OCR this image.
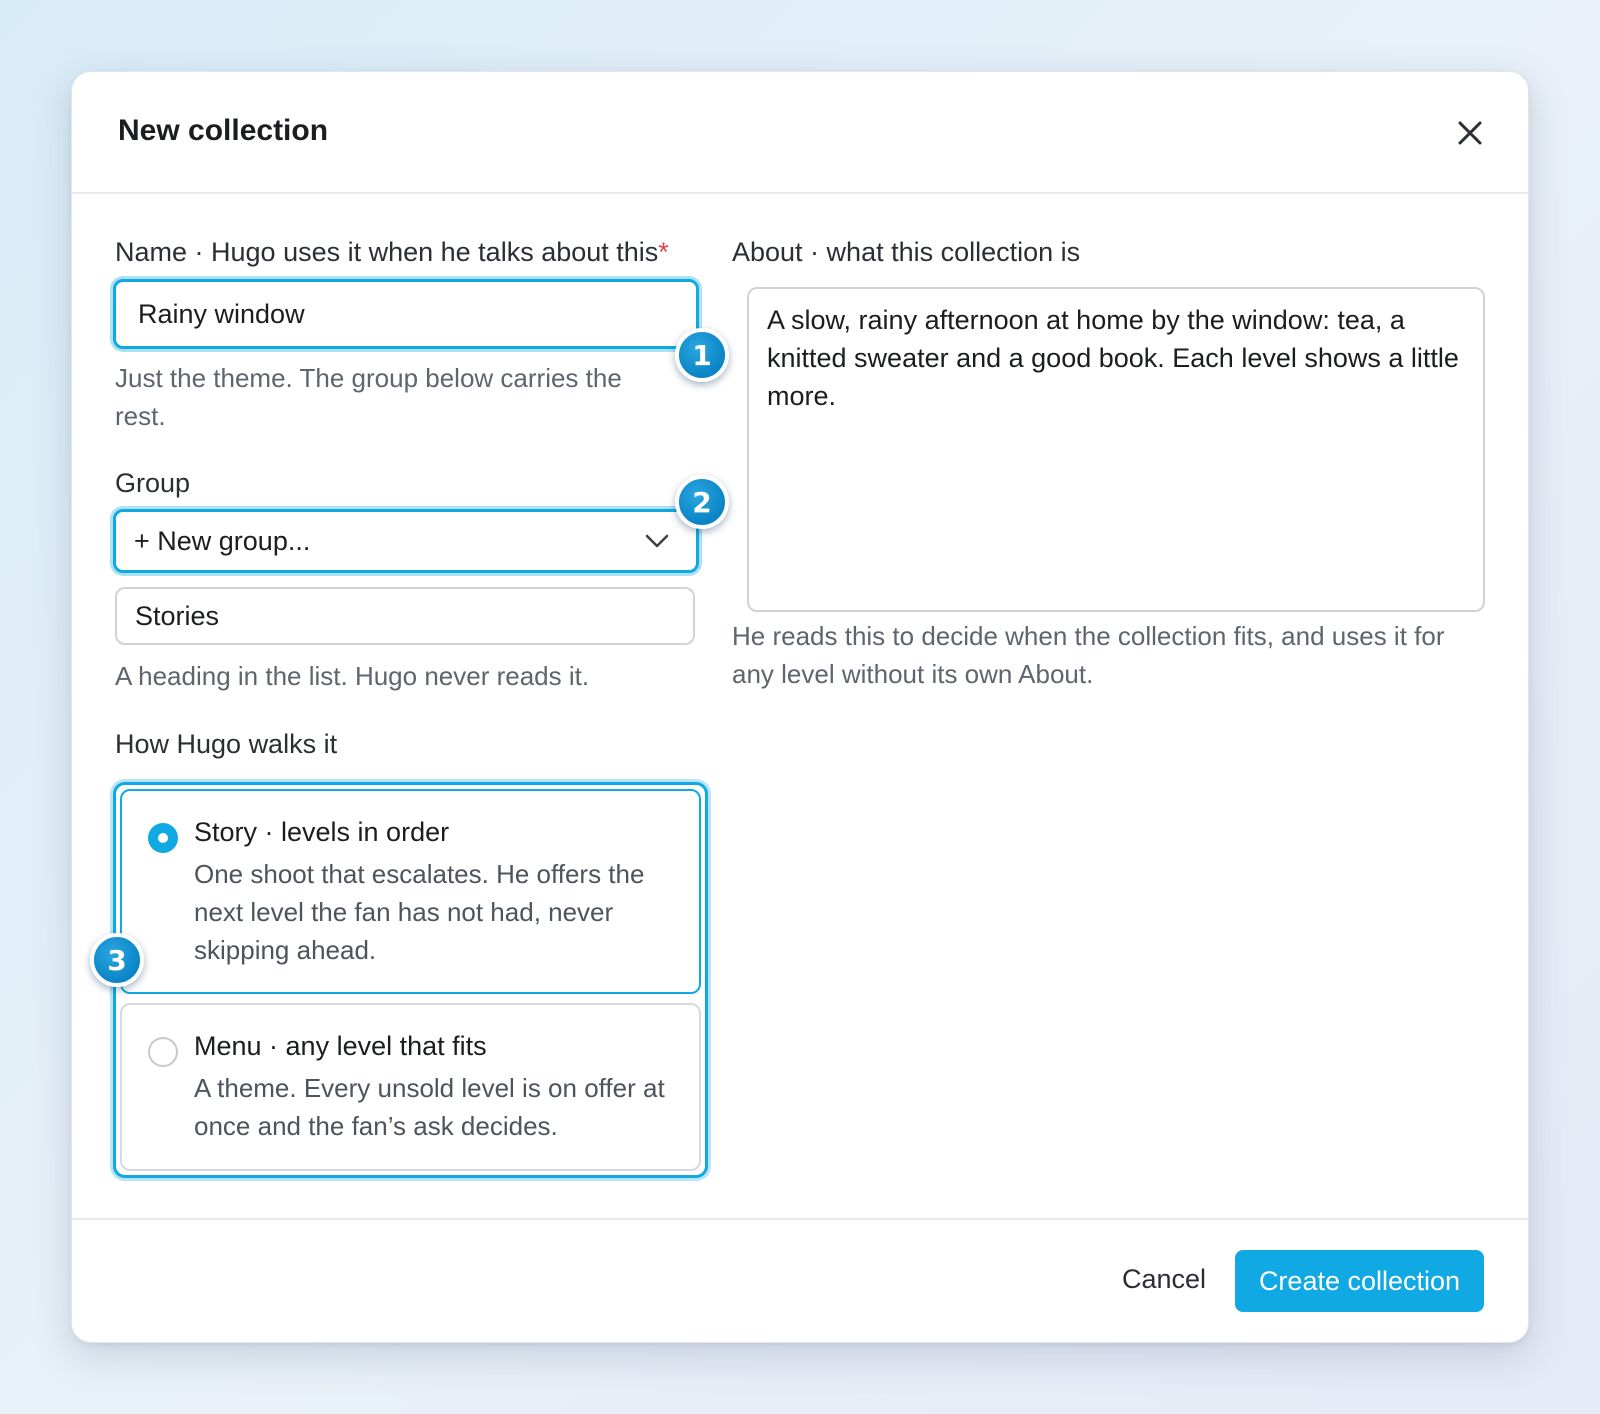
New collection
Name · Hugo uses it when he talks about this*
Rainy window
Just the theme. The group below carries the rest.
Group
+ New group...
Stories
A heading in the list. Hugo never reads it.
How Hugo walks it
Story · levels in order
One shoot that escalates. He offers the next level the fan has not had, never skipping ahead.
Menu · any level that fits
A theme. Every unsold level is on offer at once and the fan’s ask decides.
About · what this collection is
A slow, rainy afternoon at home by the window: tea, a knitted sweater and a good book. Each level shows a little more.
He reads this to decide when the collection fits, and uses it for any level without its own About.
1
2
3
Cancel	Create collection
